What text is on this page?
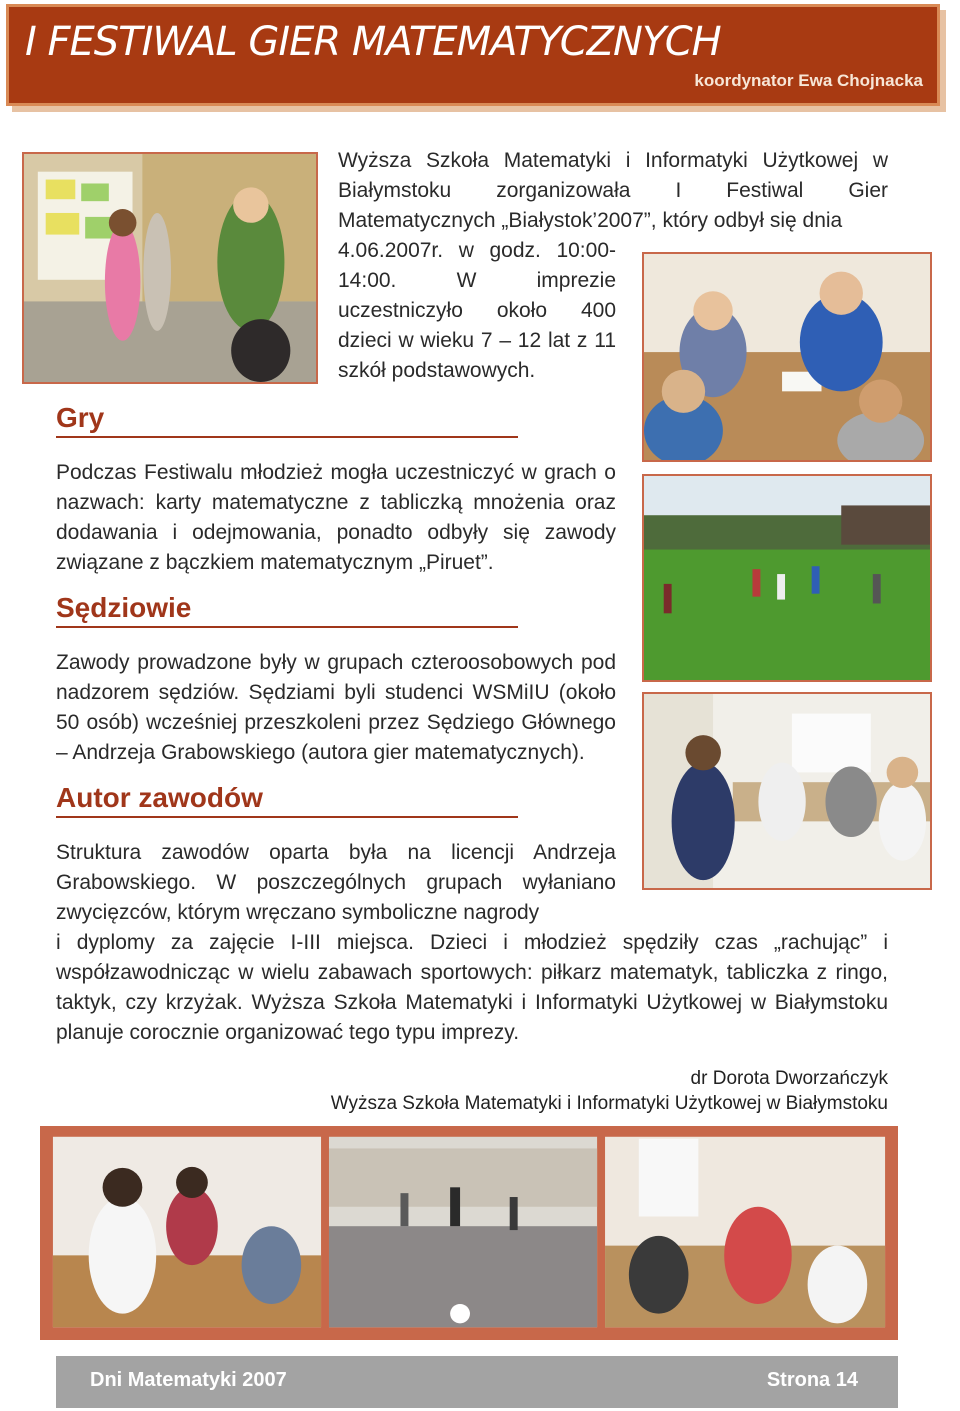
I FESTIWAL GIER MATEMATYCZNYCH
koordynator Ewa Chojnacka
Wyższa Szkoła Matematyki i Informatyki Użytkowej w Białymstoku zorganizowała I Festiwal Gier Matematycznych „Białystok’2007”, który odbył się dnia
4.06.2007r. w godz. 10:00-14:00. W imprezie uczestniczyło około 400 dzieci w wieku 7 – 12 lat z 11 szkół podstawowych.
Gry
Podczas Festiwalu młodzież mogła uczestniczyć w grach o nazwach: karty matematyczne z tabliczką mnożenia oraz dodawania i odejmowania, ponadto odbyły się zawody związane z bączkiem matematycznym „Piruet”.
Sędziowie
Zawody prowadzone były w grupach czteroosobowych pod nadzorem sędziów. Sędziami byli studenci WSMiIU (około 50 osób) wcześniej przeszkoleni przez Sędziego Głównego – Andrzeja Grabowskiego (autora gier matematycznych).
Autor zawodów
Struktura zawodów oparta była na licencji Andrzeja Grabowskiego. W poszczególnych grupach wyłaniano zwycięzców, którym wręczano symboliczne nagrody
i dyplomy za zajęcie I-III miejsca. Dzieci i młodzież spędziły czas „rachując” i współzawodnicząc w wielu zabawach sportowych: piłkarz matematyk, tabliczka z ringo, taktyk, czy krzyżak. Wyższa Szkoła Matematyki i Informatyki Użytkowej w Białymstoku planuje corocznie organizować tego typu imprezy.
dr Dorota Dworzańczyk
Wyższa Szkoła Matematyki i Informatyki Użytkowej w Białymstoku
Dni Matematyki 2007	Strona 14
